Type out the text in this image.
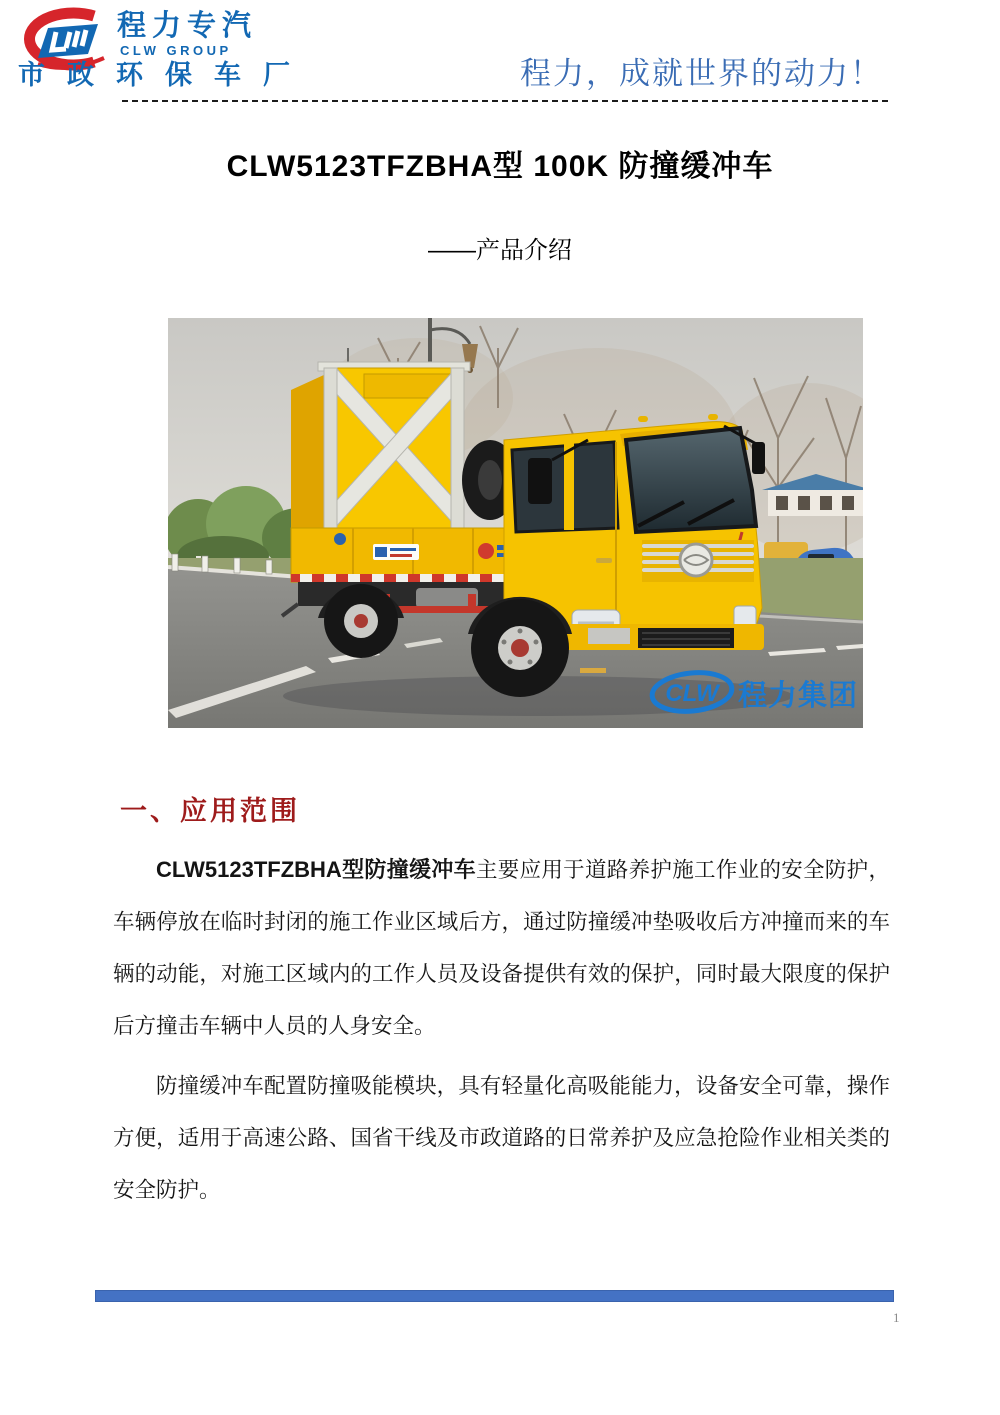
程力专汽
CLW GROUP
市政环保车厂	程力，成就世界的动力！
CLW5123TFZBHA型 100K 防撞缓冲车
——产品介绍
CLW 程力集团
一、应用范围

CLW5123TFZBHA型防撞缓冲车主要应用于道路养护施工作业的安全防护，车辆停放在临时封闭的施工作业区域后方，通过防撞缓冲垫吸收后方冲撞而来的车辆的动能，对施工区域内的工作人员及设备提供有效的保护，同时最大限度的保护后方撞击车辆中人员的人身安全。

防撞缓冲车配置防撞吸能模块，具有轻量化高吸能能力，设备安全可靠，操作方便，适用于高速公路、国省干线及市政道路的日常养护及应急抢险作业相关类的安全防护。

1
